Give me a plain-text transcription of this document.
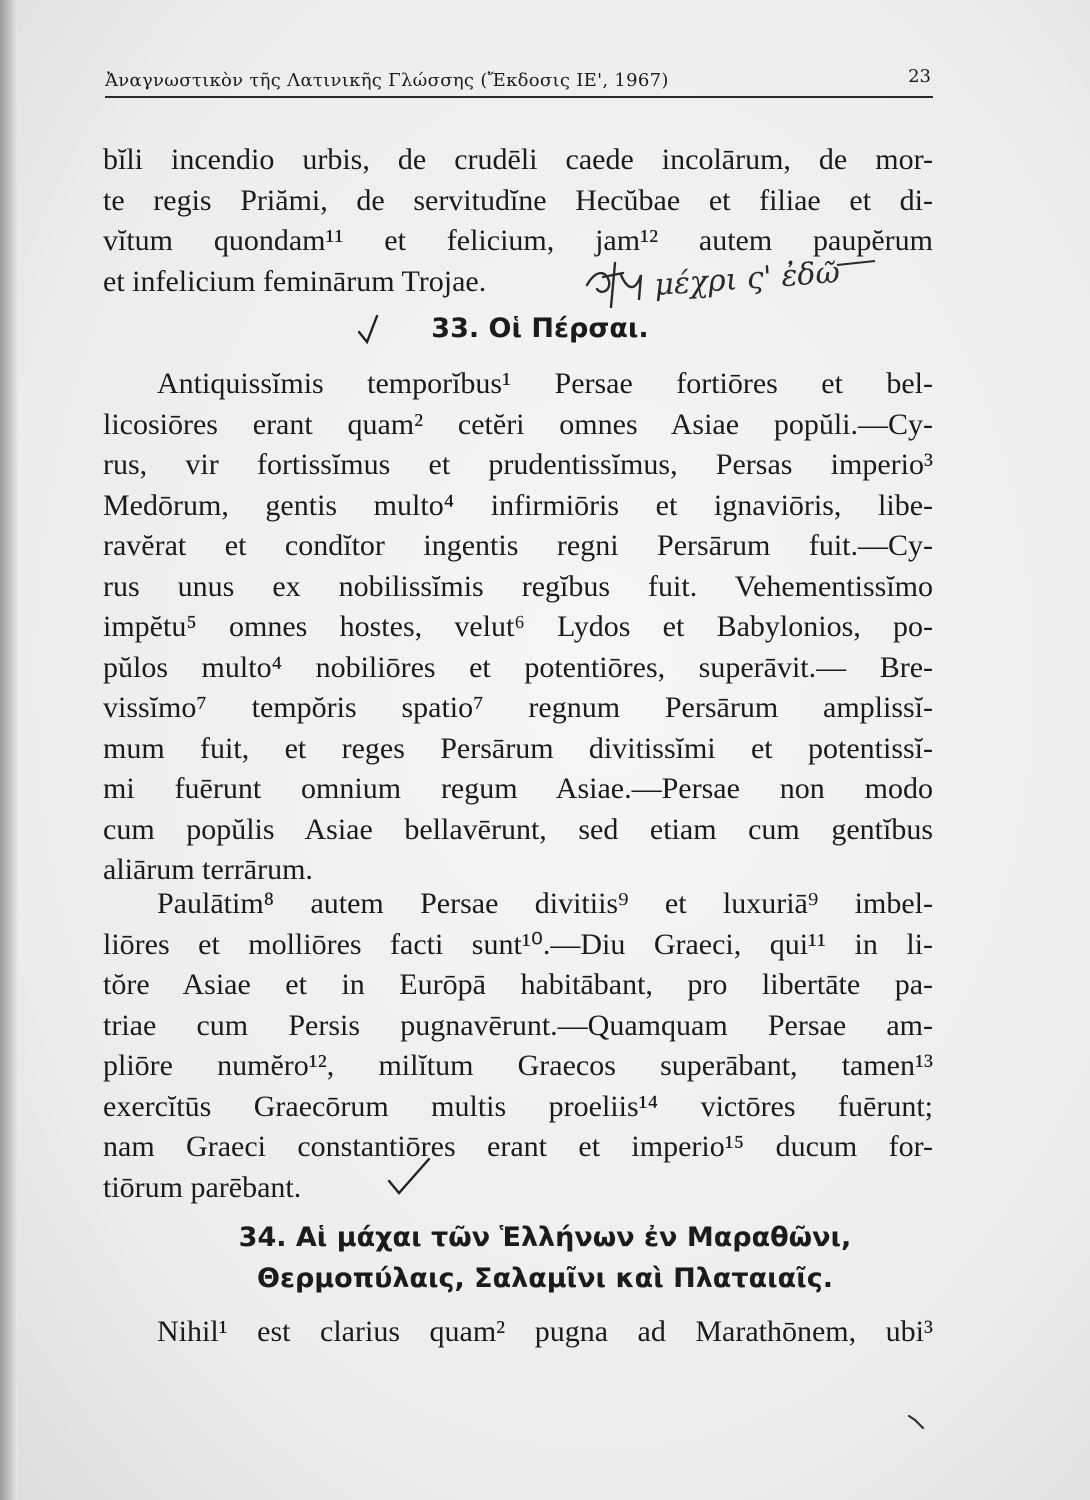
Ἀναγνωστικὸν τῆς Λατινικῆς Γλώσσης (Ἔκδοσις ΙΕ', 1967)	23
bĭli incendio urbis, de crudēli caede incolārum, de mor-
te regis Priămi, de servitudĭne Hecŭbae et filiae et di-
vĭtum quondam¹¹ et felicium, jam¹² autem paupĕrum
et infelicium feminārum Trojae.	μέχρι ς' ἐδῶ
33. Οἱ Πέρσαι.
Antiquissĭmis temporĭbus¹ Persae fortiōres et bel-
licosiōres erant quam² cetĕri omnes Asiae popŭli.—Cy-
rus, vir fortissĭmus et prudentissĭmus, Persas imperio³
Medōrum, gentis multo⁴ infirmiōris et ignaviōris, libe-
ravĕrat et condĭtor ingentis regni Persārum fuit.—Cy-
rus unus ex nobilissĭmis regĭbus fuit. Vehementissĭmo
impĕtu⁵ omnes hostes, velut⁶ Lydos et Babylonios, po-
pŭlos multo⁴ nobiliōres et potentiōres, superāvit.— Bre-
vissĭmo⁷ tempŏris spatio⁷ regnum Persārum amplissĭ-
mum fuit, et reges Persārum divitissĭmi et potentissĭ-
mi fuērunt omnium regum Asiae.—Persae non modo
cum popŭlis Asiae bellavērunt, sed etiam cum gentĭbus
aliārum terrārum.
Paulātim⁸ autem Persae divitiis⁹ et luxuriā⁹ imbel-
liōres et molliōres facti sunt¹⁰.—Diu Graeci, qui¹¹ in li-
tŏre Asiae et in Eurōpā habitābant, pro libertāte pa-
triae cum Persis pugnavērunt.—Quamquam Persae am-
pliōre numĕro¹², milĭtum Graecos superābant, tamen¹³
exercĭtūs Graecōrum multis proeliis¹⁴ victōres fuērunt;
nam Graeci constantiōres erant et imperio¹⁵ ducum for-
tiōrum parēbant.
34. Αἱ μάχαι τῶν Ἑλλήνων ἐν Μαραθῶνι,
Θερμοπύλαις, Σαλαμῖνι καὶ Πλαταιαῖς.
Nihil¹ est clarius quam² pugna ad Marathōnem, ubi³
